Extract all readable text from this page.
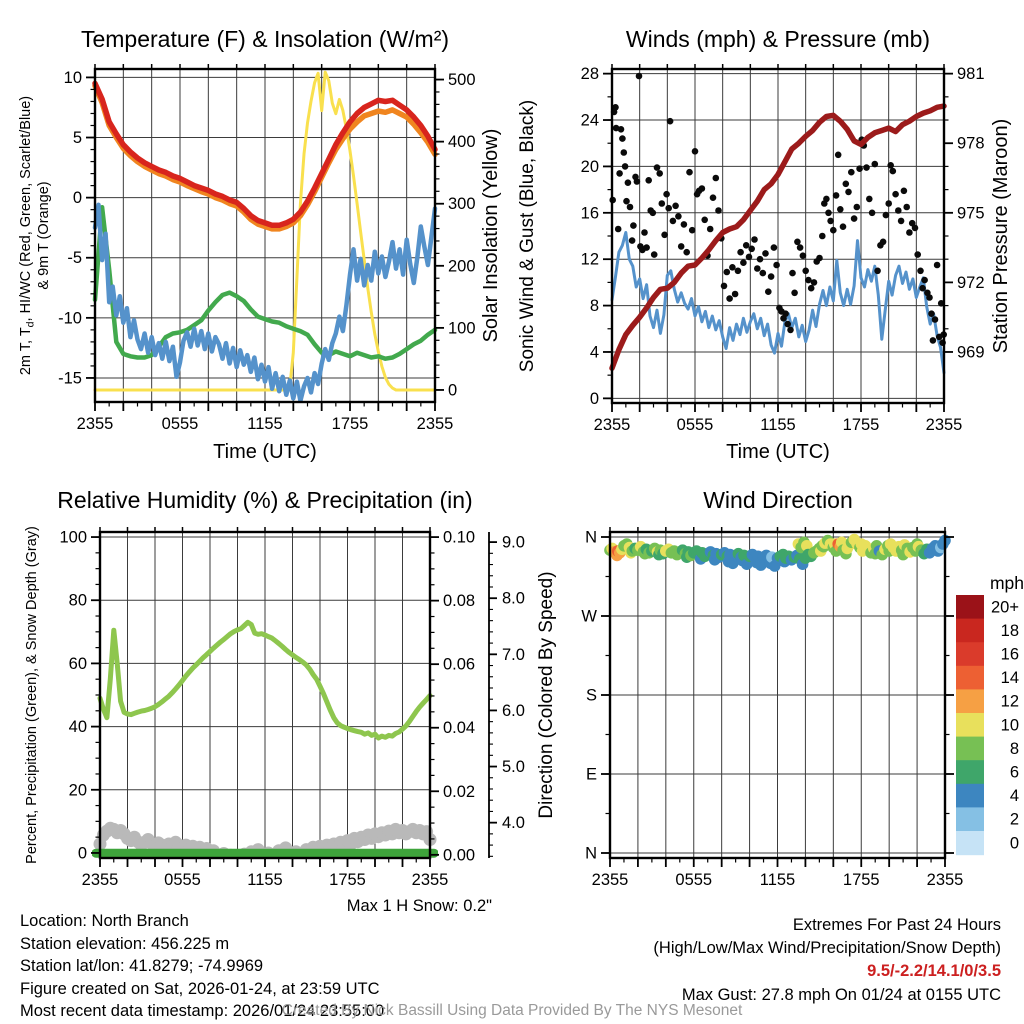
2355	0555	1155	1755	2355
-15
-10
-5
0
5
10
0
100
200
300
400
500
2m T, $T_d$, HI/WC (Red, Green, Scarlet/Blue) & 9m T (Orange)	Solar Insolation (Yellow)
2355	0555	1155	1755	2355
0
4
8
12
16
20
24
28
969
972
975
978
981
Sonic Wind & Gust (Blue, Black)	Station Pressure (Maroon)
2355	0555	1155	1755	2355
0
20
40
60
80
100
0.00
0.02
0.04
0.06
0.08
0.10
4.0
5.0
6.0
7.0
8.0
9.0
Percent, Precipitation (Green), & Snow Depth (Gray)
2355	0555	1155	1755	2355
N
E
S
W
N
Direction (Colored By Speed)	mph
20+
18
16
14
12
10
8
6
4
2
0
Temperature (F) & Insolation (W/m²)	Winds (mph) & Pressure (mb)
Relative Humidity (%) & Precipitation (in)	Wind Direction
Time (UTC)	Time (UTC)
Max 1 H Snow: 0.2"
Location: North Branch
Station elevation: 456.225 m
Station lat/lon: 41.8279; -74.9969
Figure created on Sat, 2026-01-24, at 23:59 UTC
Most recent data timestamp: 2026/01/24 23:55:00
Extremes For Past 24 Hours
(High/Low/Max Wind/Precipitation/Snow Depth)
9.5/-2.2/14.1/0/3.5
Max Gust: 27.8 mph On 01/24 at 0155 UTC
Created By Nick Bassill Using Data Provided By The NYS Mesonet
